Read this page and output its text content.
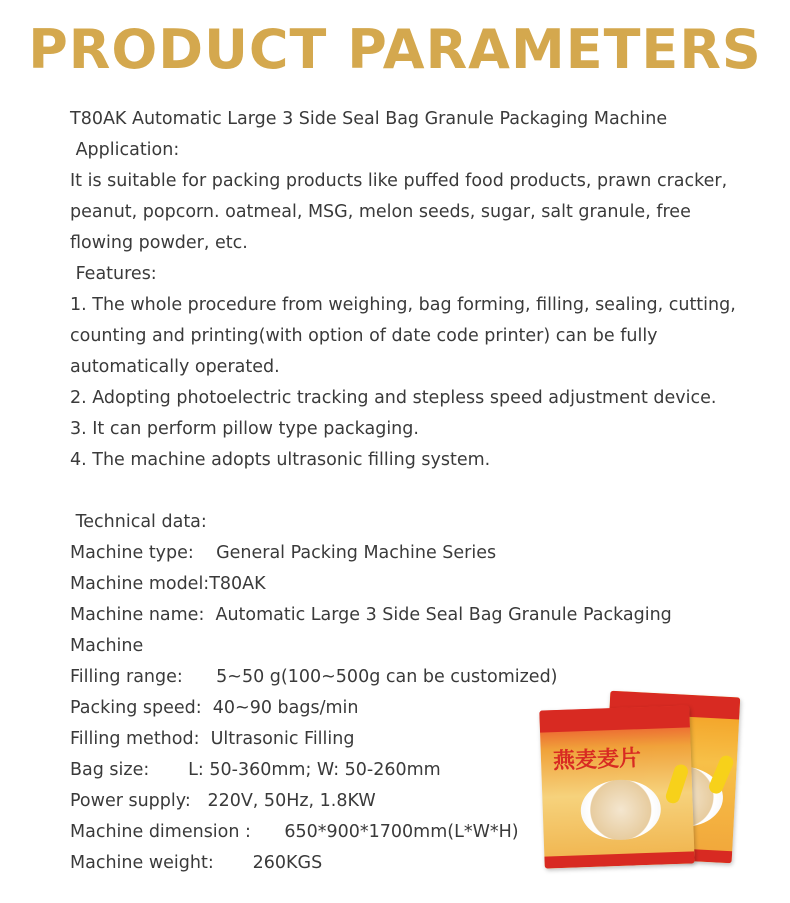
PRODUCT PARAMETERS
T80AK Automatic Large 3 Side Seal Bag Granule Packaging Machine
Application:
It is suitable for packing products like puffed food products, prawn cracker,
peanut, popcorn. oatmeal, MSG, melon seeds, sugar, salt granule, free
flowing powder, etc.
Features:
1. The whole procedure from weighing, bag forming, filling, sealing, cutting,
counting and printing(with option of date code printer) can be fully
automatically operated.
2. Adopting photoelectric tracking and stepless speed adjustment device.
3. It can perform pillow type packaging.
4. The machine adopts ultrasonic filling system.
Technical data:
Machine type:    General Packing Machine Series
Machine model:T80AK
Machine name:  Automatic Large 3 Side Seal Bag Granule Packaging
Machine
Filling range:      5~50 g(100~500g can be customized)
Packing speed:  40~90 bags/min
Filling method:  Ultrasonic Filling
Bag size:       L: 50-360mm; W: 50-260mm
Power supply:   220V, 50Hz, 1.8KW
Machine dimension :      650*900*1700mm(L*W*H)
Machine weight:       260KGS
燕麦麦片
